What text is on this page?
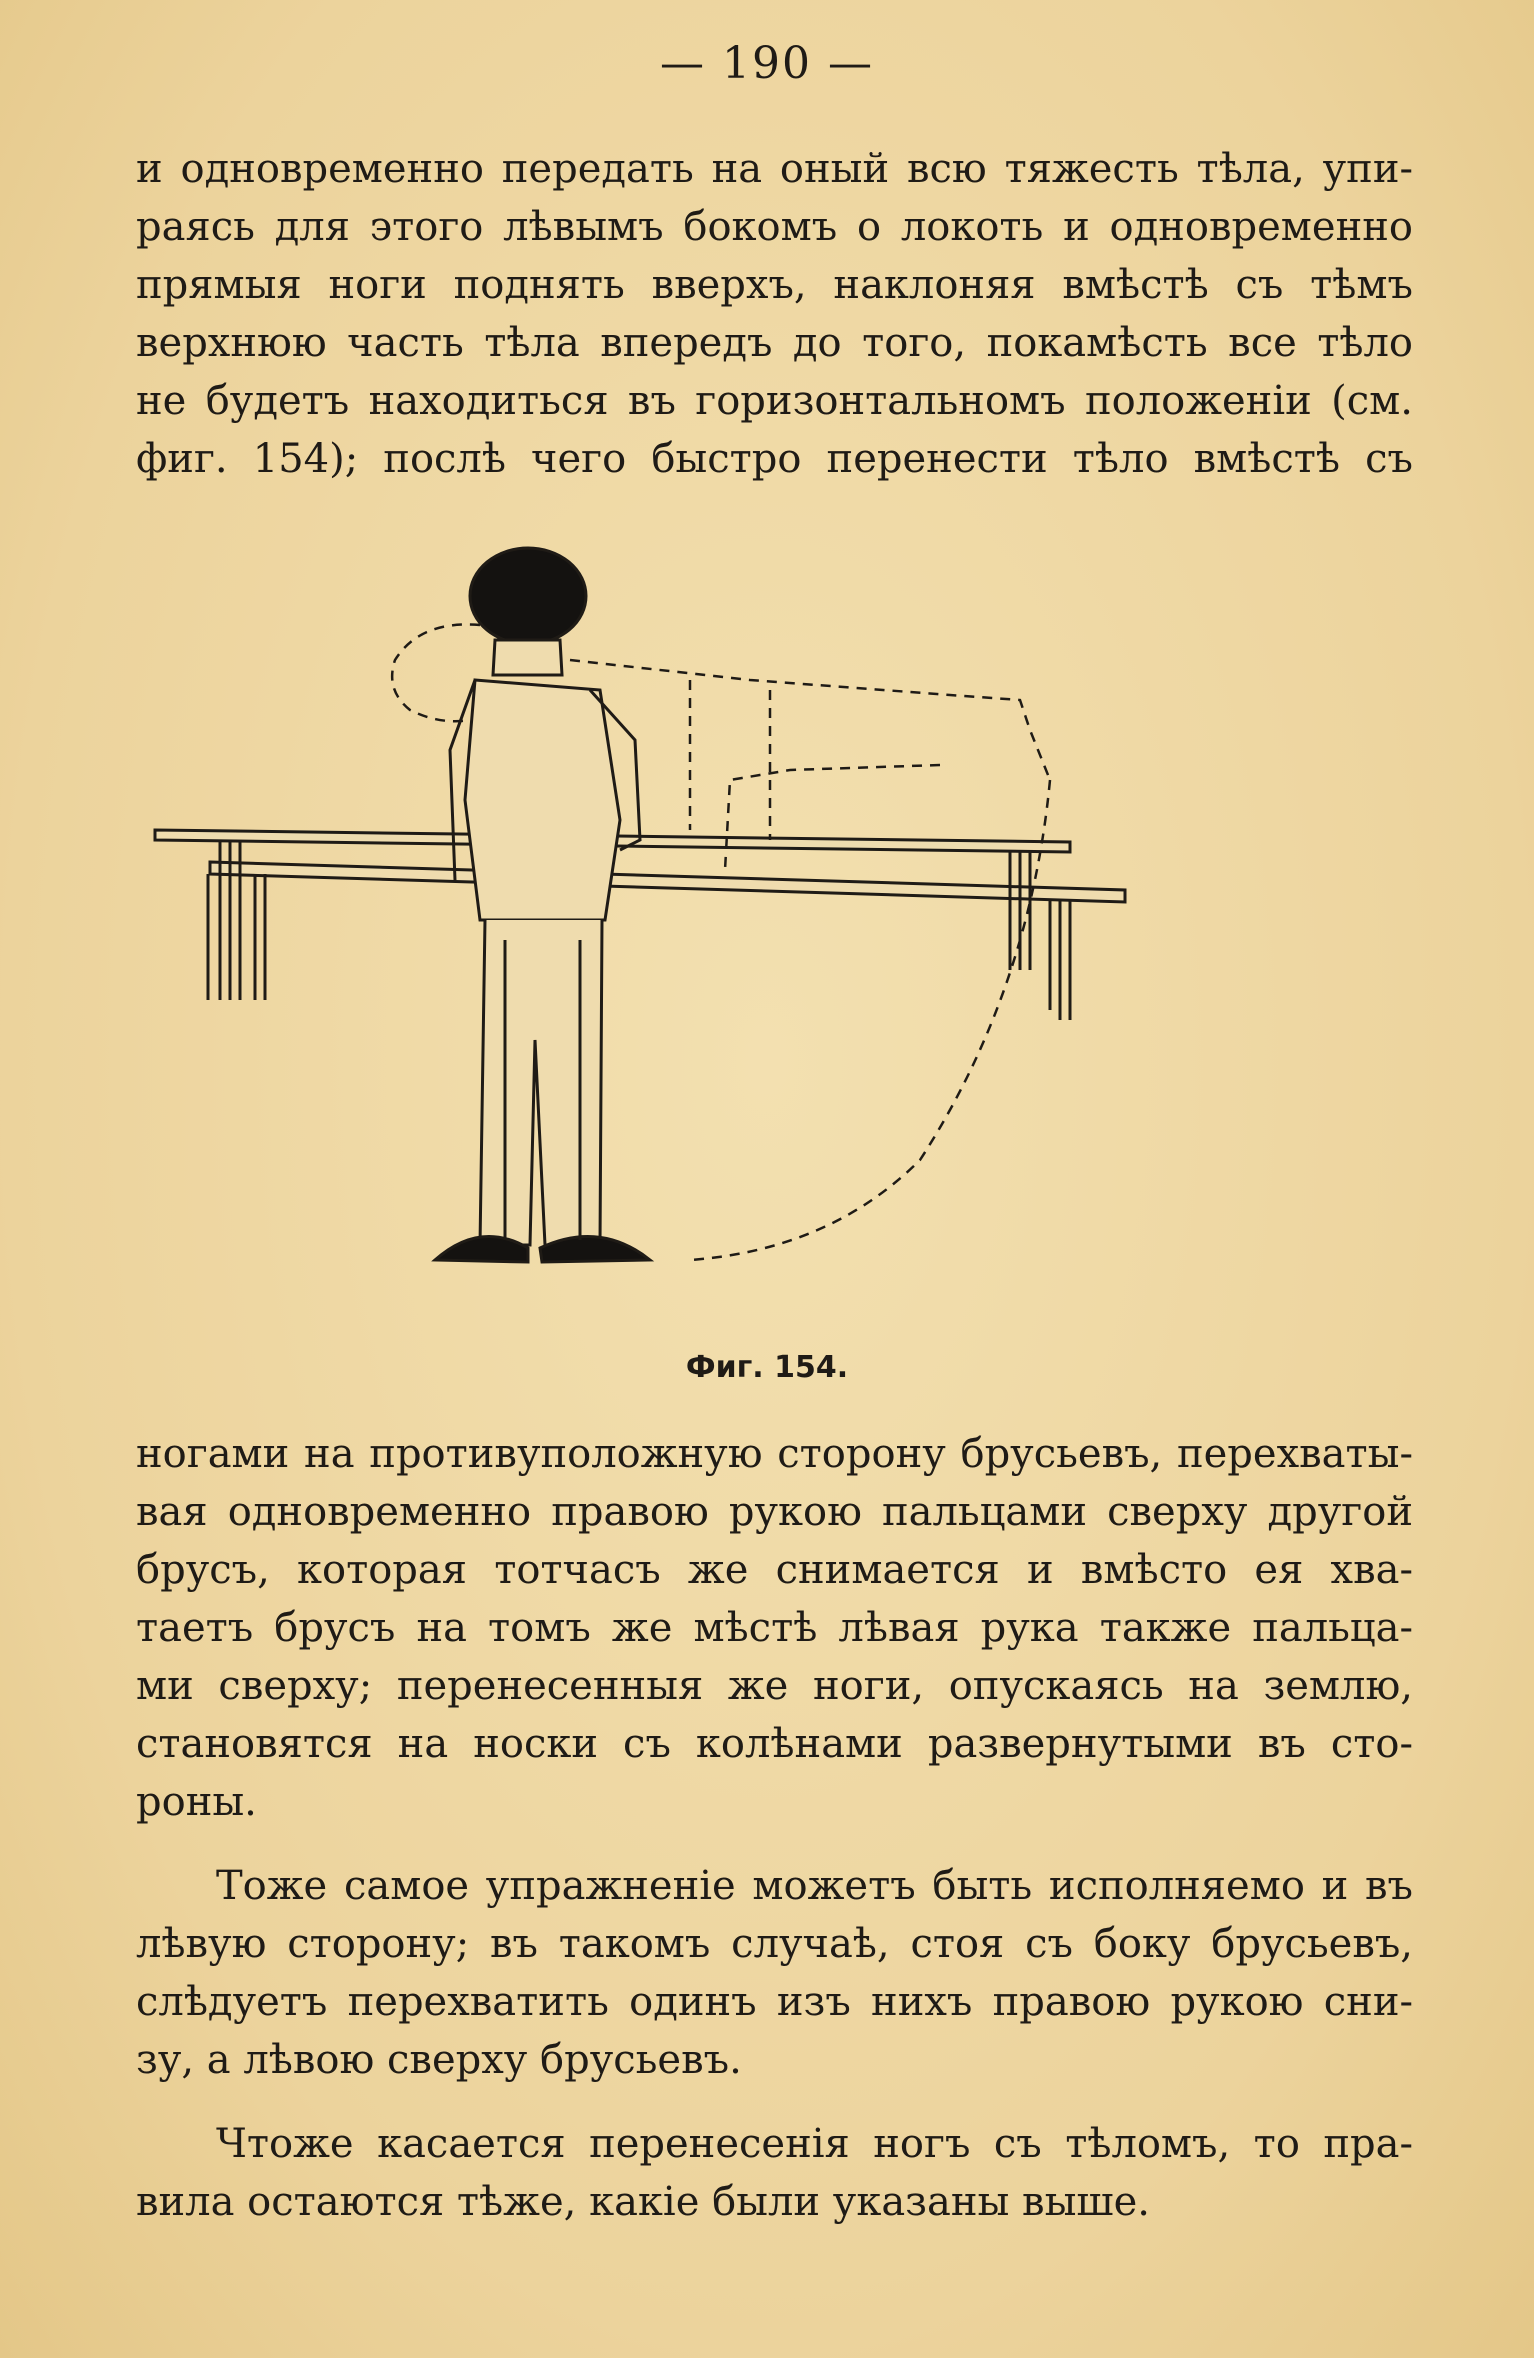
— 190 —
и одновременно передать на оный всю тяжесть тѣла, упи-
раясь для этого лѣвымъ бокомъ о локоть и одновременно
прямыя ноги поднять вверхъ, наклоняя вмѣстѣ съ тѣмъ
верхнюю часть тѣла впередъ до того, покамѣсть все тѣло
не будетъ находиться въ горизонтальномъ положенiи (см.
фиг. 154); послѣ чего быстро перенести тѣло вмѣстѣ съ
Фиг. 154.
ногами на противуположную сторону брусьевъ, перехваты-
вая одновременно правою рукою пальцами сверху другой
брусъ, которая тотчасъ же снимается и вмѣсто ея хва-
таетъ брусъ на томъ же мѣстѣ лѣвая рука также пальца-
ми сверху; перенесенныя же ноги, опускаясь на землю,
становятся на носки съ колѣнами развернутыми въ сто-
роны.
Тоже самое упражненiе можетъ быть исполняемо и въ
лѣвую сторону; въ такомъ случаѣ, стоя съ боку брусьевъ,
слѣдуетъ перехватить одинъ изъ нихъ правою рукою сни-
зу, а лѣвою сверху брусьевъ.
Чтоже касается перенесенiя ногъ съ тѣломъ, то пра-
вила остаются тѣже, какiе были указаны выше.
